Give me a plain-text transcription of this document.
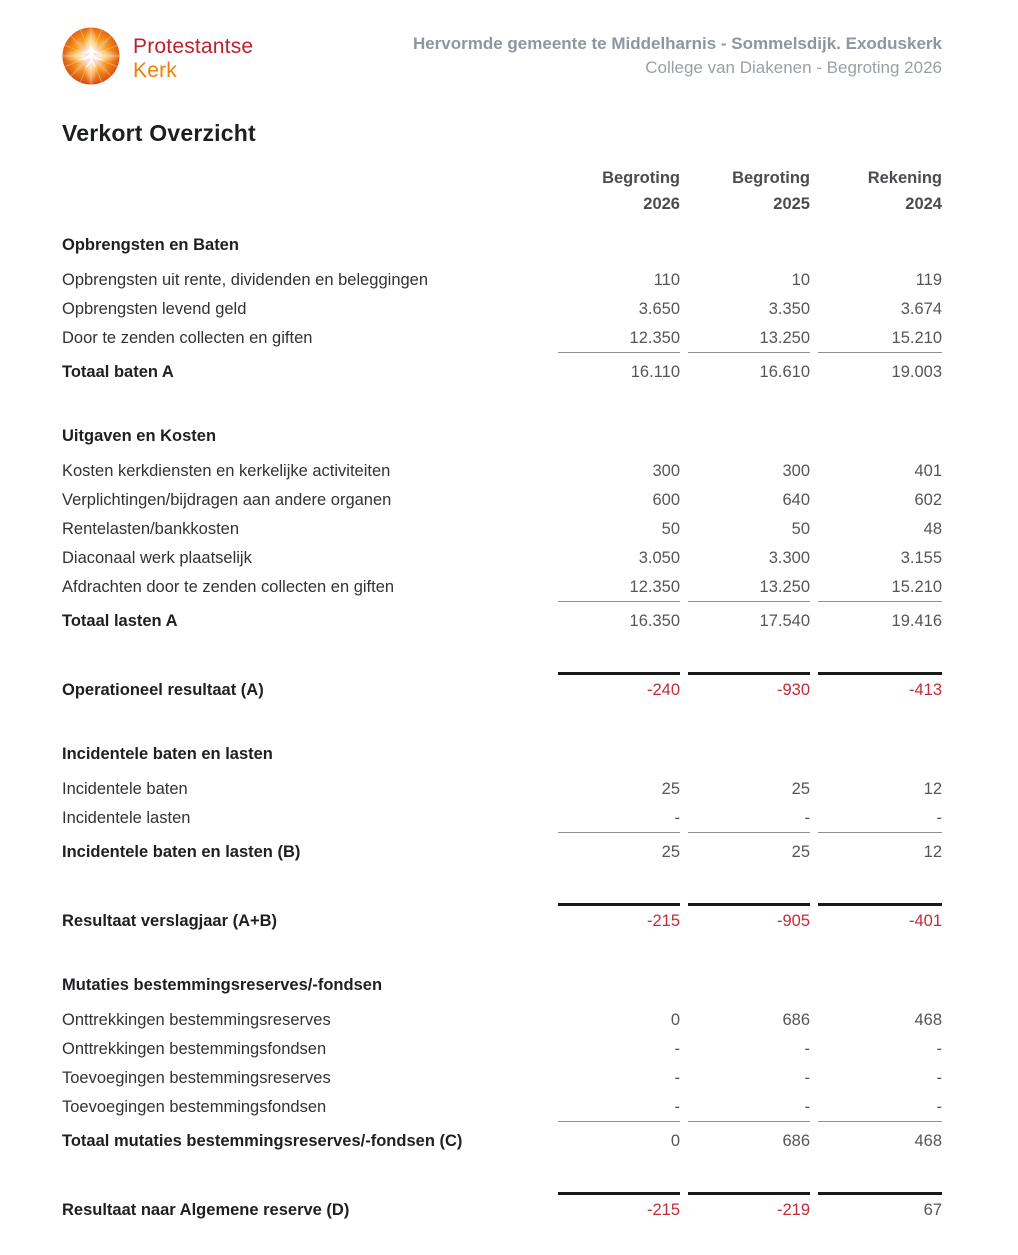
Protestantse
Kerk
Hervormde gemeente te Middelharnis - Sommelsdijk. Exoduskerk
College van Diakenen - Begroting 2026
Verkort Overzicht
Begroting
2026
Begroting
2025
Rekening
2024
Opbrengsten en Baten
Opbrengsten uit rente, dividenden en beleggingen	110	10	119
Opbrengsten levend geld	3.650	3.350	3.674
Door te zenden collecten en giften	12.350	13.250	15.210
Totaal baten A	16.110	16.610	19.003
Uitgaven en Kosten
Kosten kerkdiensten en kerkelijke activiteiten	300	300	401
Verplichtingen/bijdragen aan andere organen	600	640	602
Rentelasten/bankkosten	50	50	48
Diaconaal werk plaatselijk	3.050	3.300	3.155
Afdrachten door te zenden collecten en giften	12.350	13.250	15.210
Totaal lasten A	16.350	17.540	19.416
Operationeel resultaat (A)	-240	-930	-413
Incidentele baten en lasten
Incidentele baten	25	25	12
Incidentele lasten	-	-	-
Incidentele baten en lasten (B)	25	25	12
Resultaat verslagjaar (A+B)	-215	-905	-401
Mutaties bestemmingsreserves/-fondsen
Onttrekkingen bestemmingsreserves	0	686	468
Onttrekkingen bestemmingsfondsen	-	-	-
Toevoegingen bestemmingsreserves	-	-	-
Toevoegingen bestemmingsfondsen	-	-	-
Totaal mutaties bestemmingsreserves/-fondsen (C)	0	686	468
Resultaat naar Algemene reserve (D)	-215	-219	67
